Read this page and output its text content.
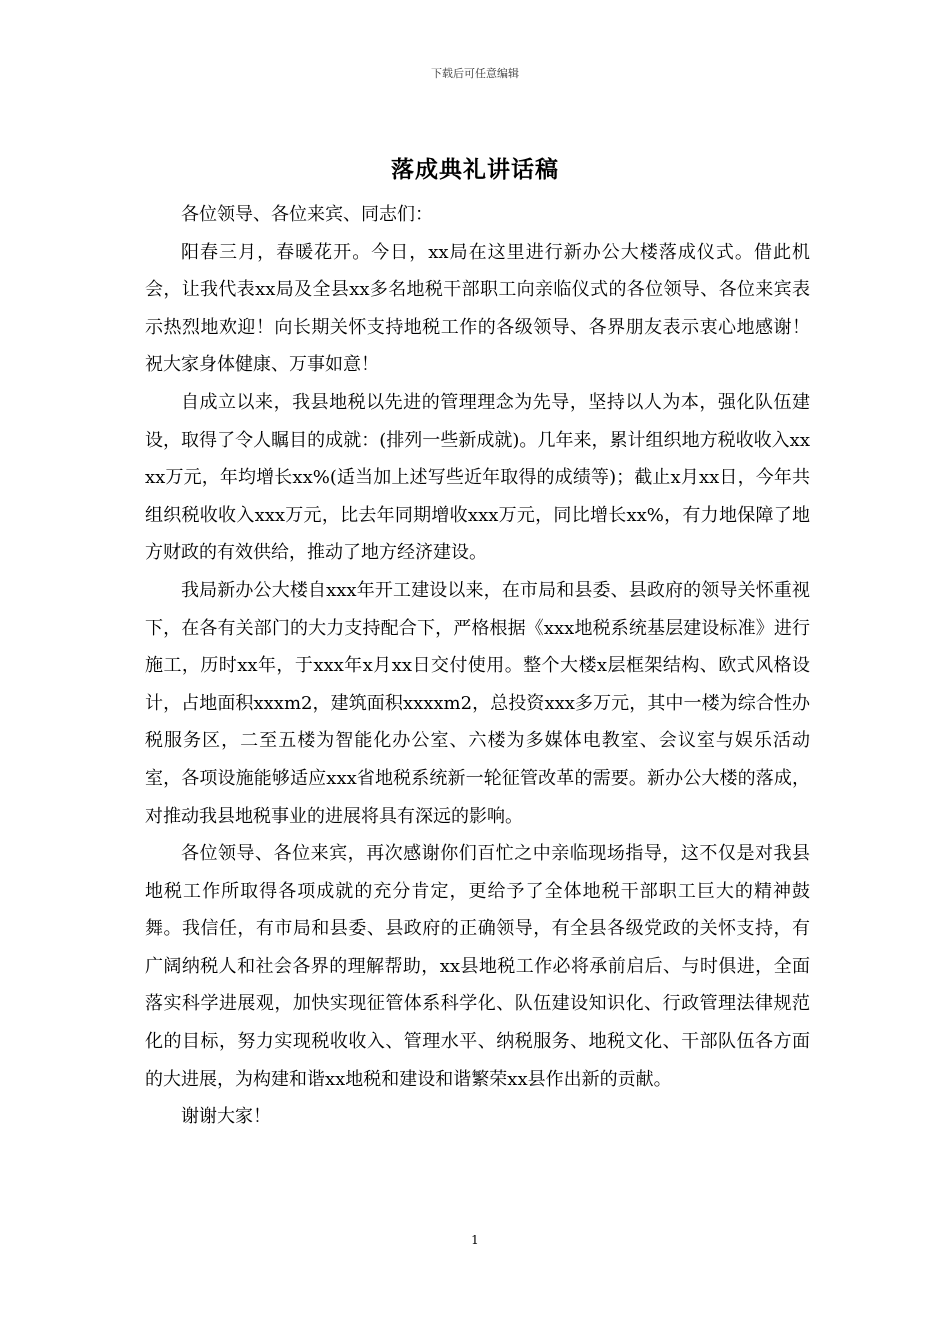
下载后可任意编辑
落成典礼讲话稿

各位领导、各位来宾、同志们：

阳春三月，春暖花开。今日，xx局在这里进行新办公大楼落成仪式。借此机会，让我代表xx局及全县xx多名地税干部职工向亲临仪式的各位领导、各位来宾表示热烈地欢迎！向长期关怀支持地税工作的各级领导、各界朋友表示衷心地感谢！祝大家身体健康、万事如意！

自成立以来，我县地税以先进的管理理念为先导，坚持以人为本，强化队伍建设，取得了令人瞩目的成就：(排列一些新成就)。几年来，累计组织地方税收收入xxxx万元，年均增长xx%(适当加上述写些近年取得的成绩等)；截止x月xx日，今年共组织税收收入xxx万元，比去年同期增收xxx万元，同比增长xx%，有力地保障了地方财政的有效供给，推动了地方经济建设。

我局新办公大楼自xxx年开工建设以来，在市局和县委、县政府的领导关怀重视下，在各有关部门的大力支持配合下，严格根据《xxx地税系统基层建设标准》进行施工，历时xx年，于xxx年x月xx日交付使用。整个大楼x层框架结构、欧式风格设计，占地面积xxxm2，建筑面积xxxxm2，总投资xxx多万元，其中一楼为综合性办税服务区，二至五楼为智能化办公室、六楼为多媒体电教室、会议室与娱乐活动室，各项设施能够适应xxx省地税系统新一轮征管改革的需要。新办公大楼的落成，对推动我县地税事业的进展将具有深远的影响。

各位领导、各位来宾，再次感谢你们百忙之中亲临现场指导，这不仅是对我县地税工作所取得各项成就的充分肯定，更给予了全体地税干部职工巨大的精神鼓舞。我信任，有市局和县委、县政府的正确领导，有全县各级党政的关怀支持，有广阔纳税人和社会各界的理解帮助，xx县地税工作必将承前启后、与时俱进，全面落实科学进展观，加快实现征管体系科学化、队伍建设知识化、行政管理法律规范化的目标，努力实现税收收入、管理水平、纳税服务、地税文化、干部队伍各方面的大进展，为构建和谐xx地税和建设和谐繁荣xx县作出新的贡献。

谢谢大家！

1
